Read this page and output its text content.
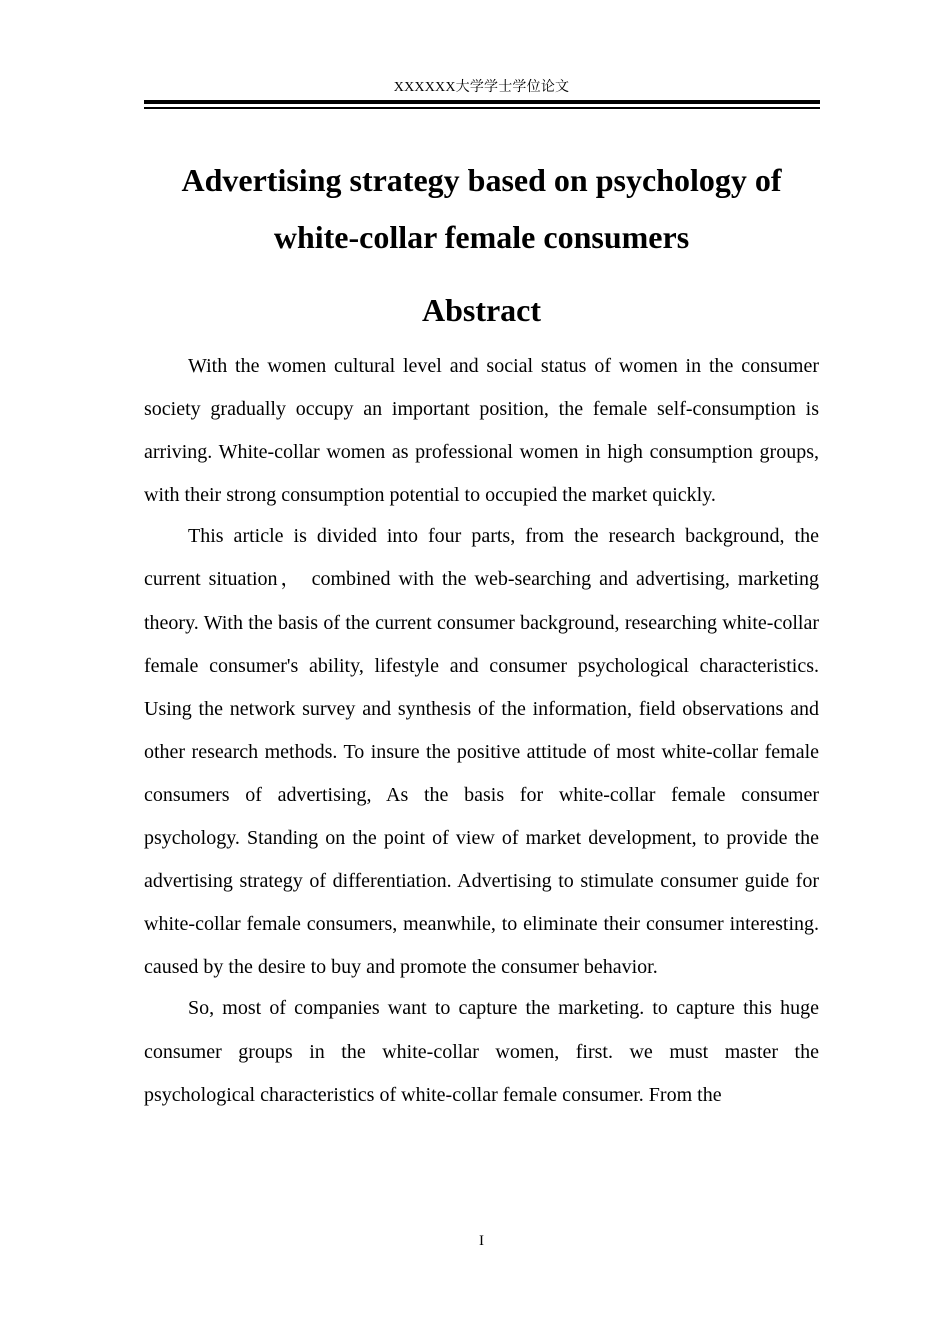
XXXXXX大学学士学位论文
Advertising strategy based on psychology of
white-collar female consumers
Abstract

With the women cultural level and social status of women in the consumer society gradually occupy an important position, the female self-consumption is arriving. White-collar women as professional women in high consumption groups, with their strong consumption potential to occupied the market quickly.

This article is divided into four parts, from the research background, the current situation， combined with the web-searching and advertising, marketing theory. With the basis of the current consumer background, researching white-collar female consumer's ability, lifestyle and consumer psychological characteristics. Using the network survey and synthesis of the information, field observations and other research methods. To insure the positive attitude of most white-collar female consumers of advertising, As the basis for white-collar female consumer psychology. Standing on the point of view of market development, to provide the advertising strategy of differentiation. Advertising to stimulate consumer guide for white-collar female consumers, meanwhile, to eliminate their consumer interesting. caused by the desire to buy and promote the consumer behavior.

So, most of companies want to capture the marketing. to capture this huge consumer groups in the white-collar women, first. we must master the psychological characteristics of white-collar female consumer. From the

I
